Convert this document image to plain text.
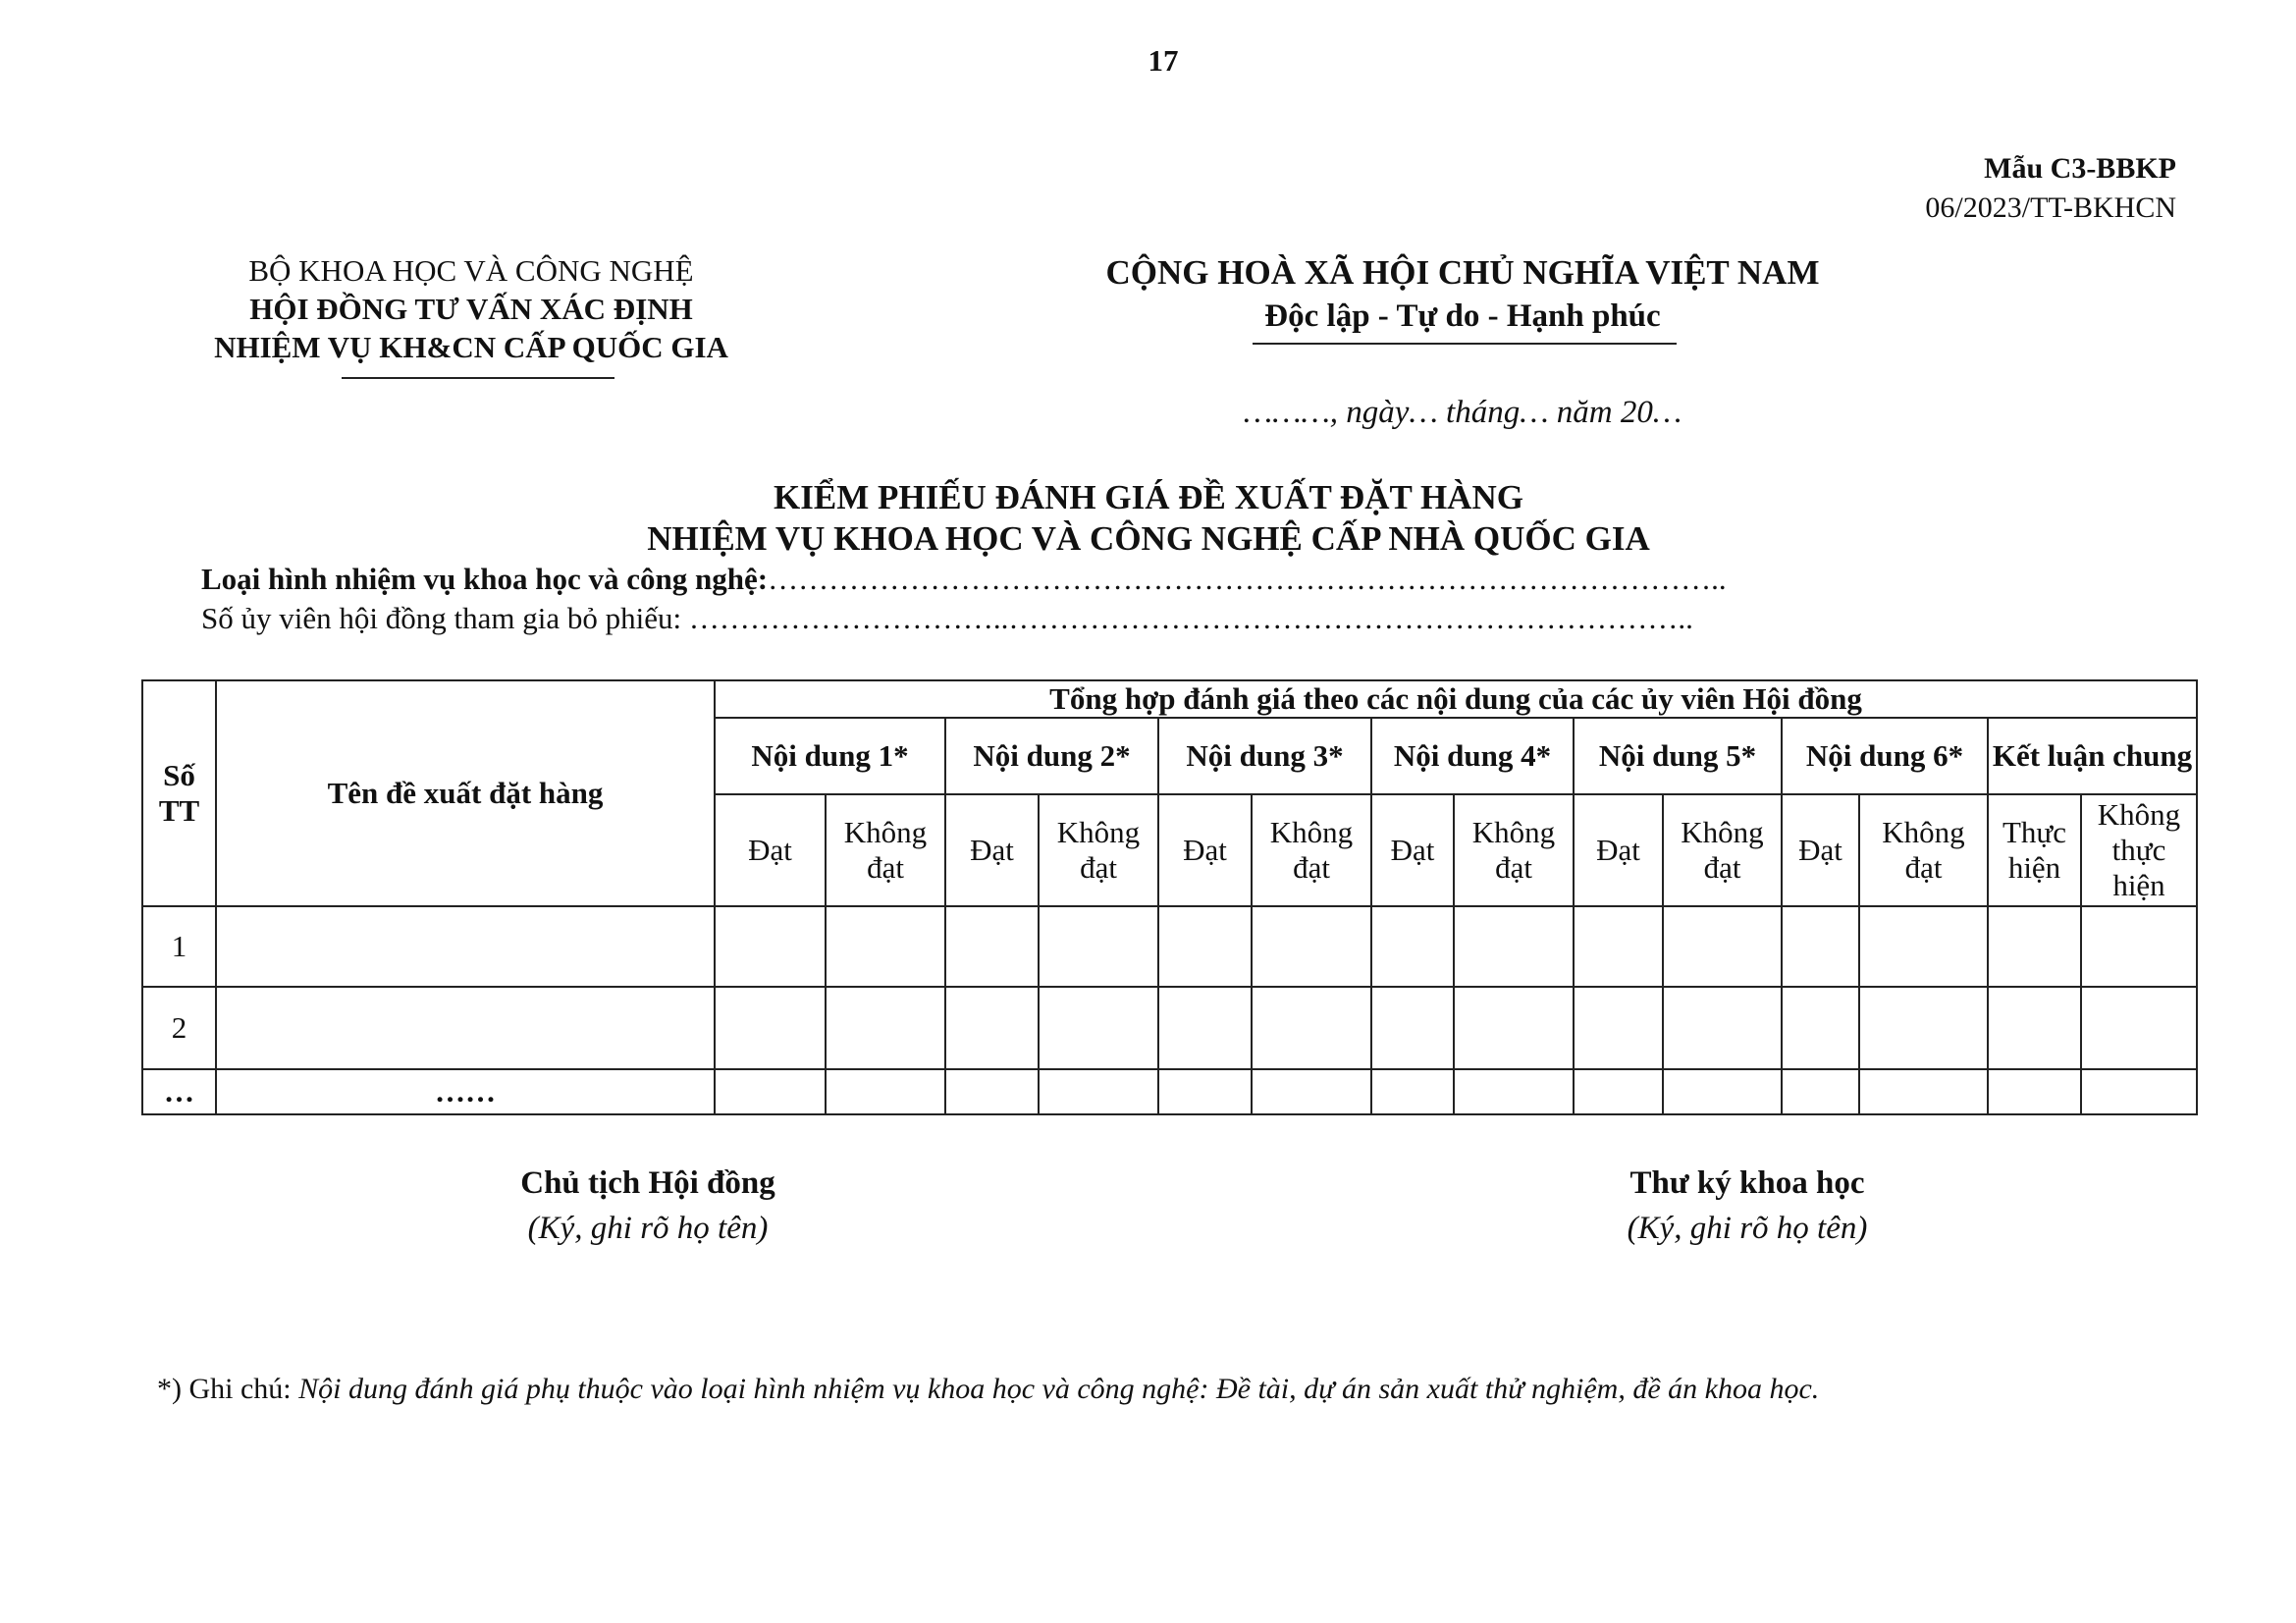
17
Mẫu C3-BBKP
06/2023/TT-BKHCN
BỘ KHOA HỌC VÀ CÔNG NGHỆ
HỘI ĐỒNG TƯ VẤN XÁC ĐỊNH
NHIỆM VỤ KH&CN CẤP QUỐC GIA
CỘNG HOÀ XÃ HỘI CHỦ NGHĨA VIỆT NAM
Độc lập - Tự do - Hạnh phúc
………, ngày… tháng… năm 20…
KIỂM PHIẾU ĐÁNH GIÁ ĐỀ XUẤT ĐẶT HÀNG
NHIỆM VỤ KHOA HỌC VÀ CÔNG NGHỆ CẤP NHÀ QUỐC GIA
Loại hình nhiệm vụ khoa học và công nghệ:…………………………………………………………………………………..
Số ủy viên hội đồng tham gia bỏ phiếu: …………………………..…………………………………………………………..
Số TT	Tên đề xuất đặt hàng	Tổng hợp đánh giá theo các nội dung của các ủy viên Hội đồng													
		Nội dung 1*		Nội dung 2*		Nội dung 3*		Nội dung 4*		Nội dung 5*		Nội dung 6*		Kết luận chung	
		Đạt	Không đạt	Đạt	Không đạt	Đạt	Không đạt	Đạt	Không đạt	Đạt	Không đạt	Đạt	Không đạt	Thực hiện	Không thực hiện
1															
2															
…	……														
Chủ tịch Hội đồng
(Ký, ghi rõ họ tên)
Thư ký khoa học
(Ký, ghi rõ họ tên)
*) Ghi chú: Nội dung đánh giá phụ thuộc vào loại hình nhiệm vụ khoa học và công nghệ: Đề tài, dự án sản xuất thử nghiệm, đề án khoa học.
